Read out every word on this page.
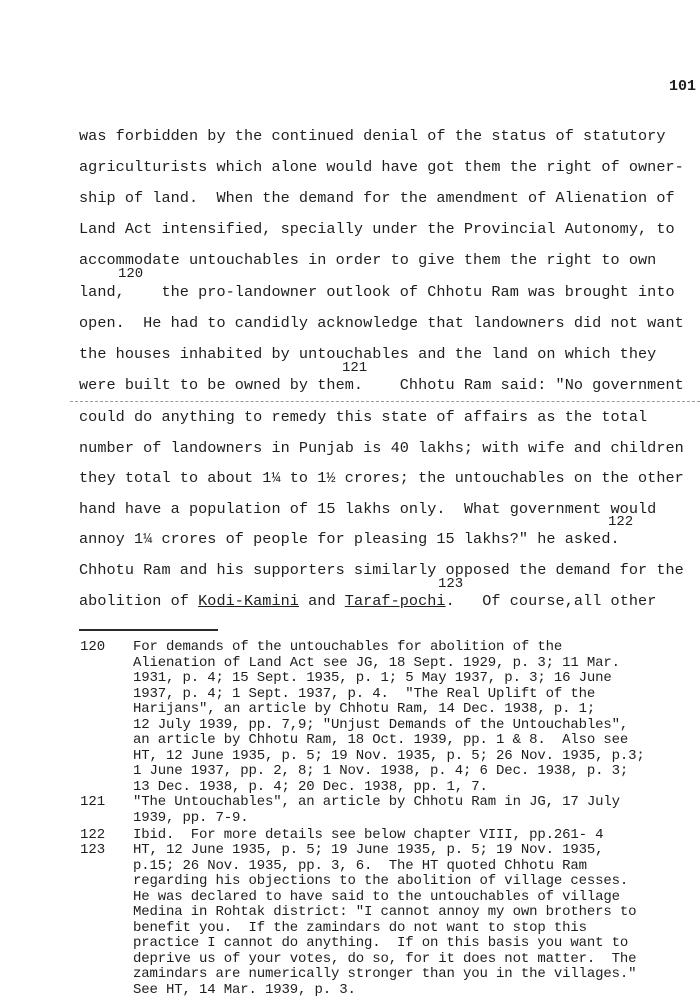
101
was forbidden by the continued denial of the status of statutory
agriculturists which alone would have got them the right of owner-
ship of land.  When the demand for the amendment of Alienation of
Land Act intensified, specially under the Provincial Autonomy, to
accommodate untouchables in order to give them the right to own
120
land,    the pro-landowner outlook of Chhotu Ram was brought into
open.  He had to candidly acknowledge that landowners did not want
the houses inhabited by untouchables and the land on which they
121
were built to be owned by them.    Chhotu Ram said: "No government
could do anything to remedy this state of affairs as the total
number of landowners in Punjab is 40 lakhs; with wife and children
they total to about 1¼ to 1½ crores; the untouchables on the other
hand have a population of 15 lakhs only.  What government would
122
annoy 1¼ crores of people for pleasing 15 lakhs?" he asked.
Chhotu Ram and his supporters similarly opposed the demand for the
123
abolition of Kodi-Kamini and Taraf-pochi.   Of course,all other
120 For demands of the untouchables for abolition of the
Alienation of Land Act see JG, 18 Sept. 1929, p. 3; 11 Mar.
1931, p. 4; 15 Sept. 1935, p. 1; 5 May 1937, p. 3; 16 June
1937, p. 4; 1 Sept. 1937, p. 4.  "The Real Uplift of the
Harijans", an article by Chhotu Ram, 14 Dec. 1938, p. 1;
12 July 1939, pp. 7,9; "Unjust Demands of the Untouchables",
an article by Chhotu Ram, 18 Oct. 1939, pp. 1 & 8.  Also see
HT, 12 June 1935, p. 5; 19 Nov. 1935, p. 5; 26 Nov. 1935, p.3;
1 June 1937, pp. 2, 8; 1 Nov. 1938, p. 4; 6 Dec. 1938, p. 3;
13 Dec. 1938, p. 4; 20 Dec. 1938, pp. 1, 7.
121 "The Untouchables", an article by Chhotu Ram in JG, 17 July
1939, pp. 7-9.
122 Ibid.  For more details see below chapter VIII, pp.261- 4
123 HT, 12 June 1935, p. 5; 19 June 1935, p. 5; 19 Nov. 1935,
p.15; 26 Nov. 1935, pp. 3, 6.  The HT quoted Chhotu Ram
regarding his objections to the abolition of village cesses.
He was declared to have said to the untouchables of village
Medina in Rohtak district: "I cannot annoy my own brothers to
benefit you.  If the zamindars do not want to stop this
practice I cannot do anything.  If on this basis you want to
deprive us of your votes, do so, for it does not matter.  The
zamindars are numerically stronger than you in the villages."
See HT, 14 Mar. 1939, p. 3.
